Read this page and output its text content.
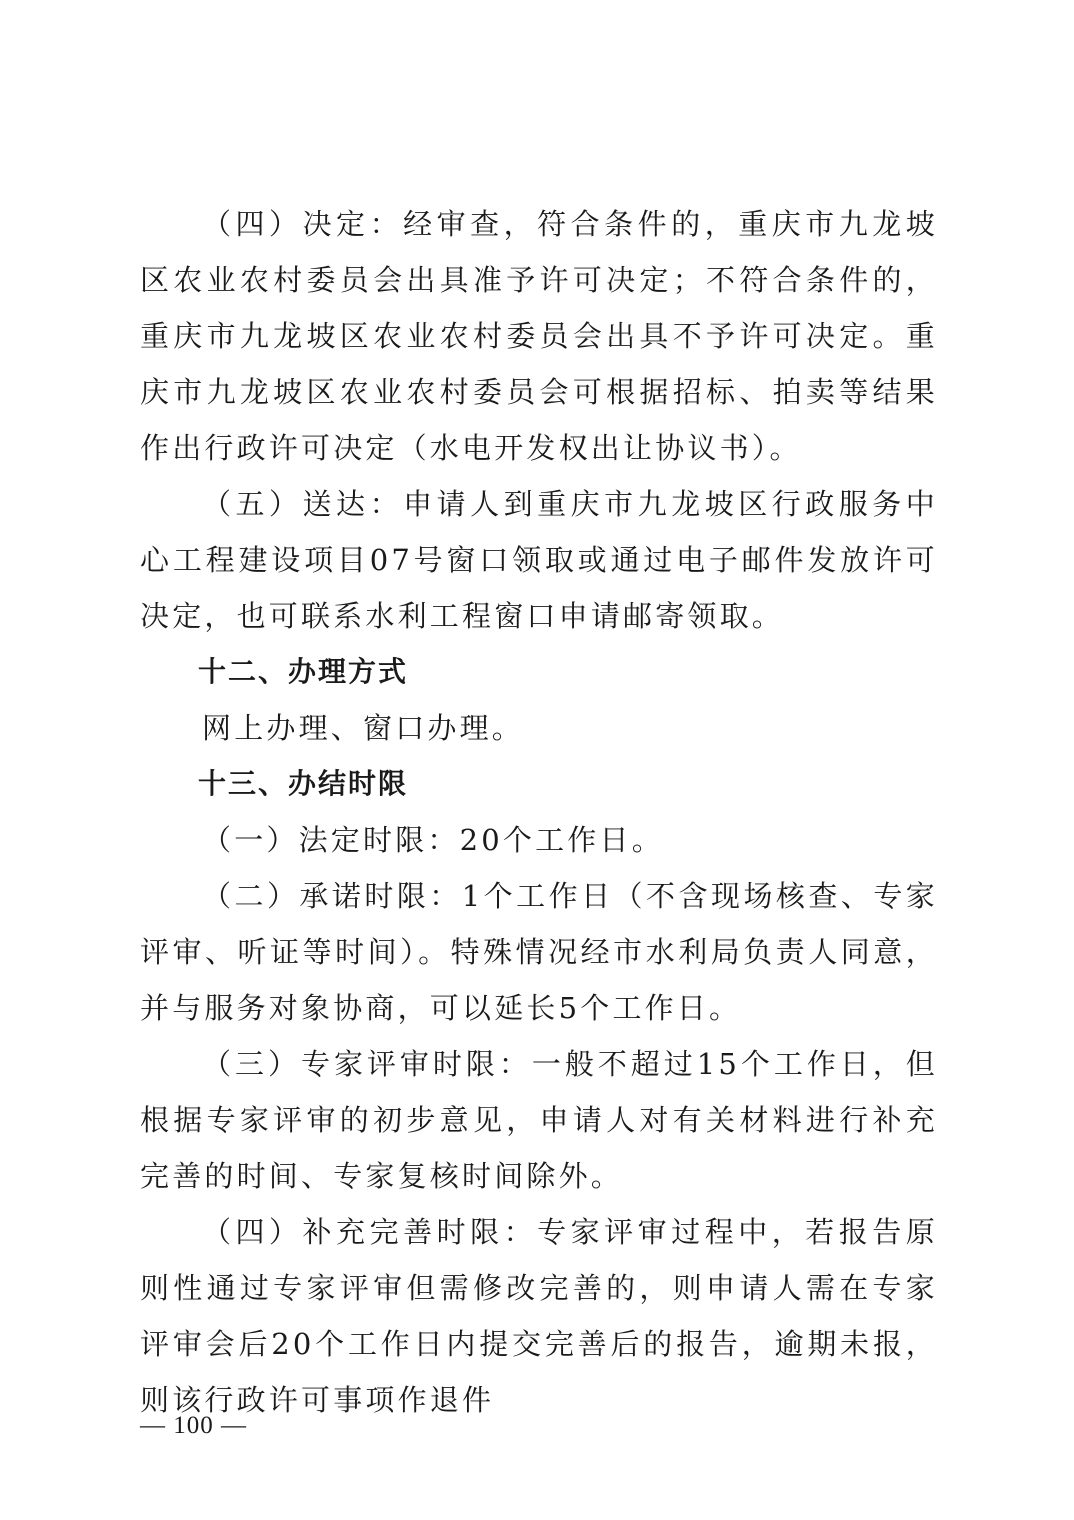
（四）决定：经审查，符合条件的，重庆市九龙坡区农业农村委员会出具准予许可决定；不符合条件的，重庆市九龙坡区农业农村委员会出具不予许可决定。重庆市九龙坡区农业农村委员会可根据招标、拍卖等结果作出行政许可决定（水电开发权出让协议书）。

（五）送达：申请人到重庆市九龙坡区行政服务中心工程建设项目07号窗口领取或通过电子邮件发放许可决定，也可联系水利工程窗口申请邮寄领取。

十二、办理方式

网上办理、窗口办理。

十三、办结时限

（一）法定时限：20个工作日。

（二）承诺时限：1个工作日（不含现场核查、专家评审、听证等时间）。特殊情况经市水利局负责人同意，并与服务对象协商，可以延长5个工作日。

（三）专家评审时限：一般不超过15个工作日，但根据专家评审的初步意见，申请人对有关材料进行补充完善的时间、专家复核时间除外。

（四）补充完善时限：专家评审过程中，若报告原则性通过专家评审但需修改完善的，则申请人需在专家评审会后20个工作日内提交完善后的报告，逾期未报，则该行政许可事项作退件

— 100 —
